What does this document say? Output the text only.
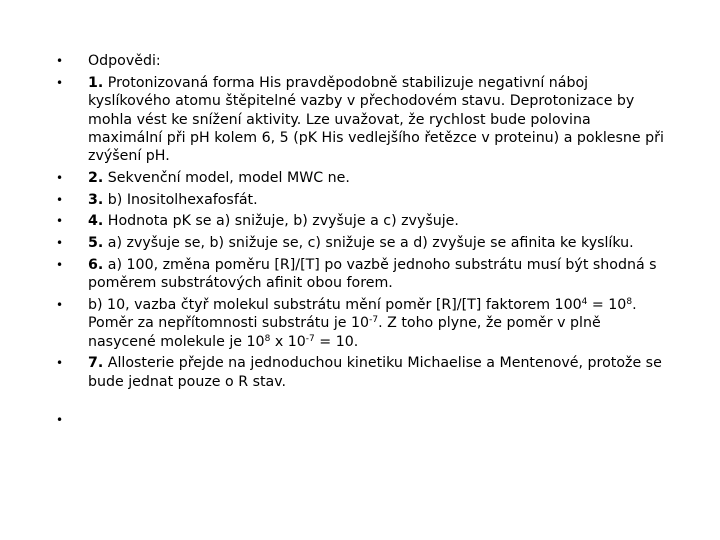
• Odpovědi:
• 1. Protonizovaná forma His pravděpodobně stabilizuje negativní náboj kyslíkového atomu štěpitelné vazby v přechodovém stavu. Deprotonizace by mohla vést ke snížení aktivity. Lze uvažovat, že rychlost bude polovina maximální při pH kolem 6, 5 (pK His vedlejšího řetězce v proteinu) a poklesne při zvýšení pH.
• 2. Sekvenční model, model MWC ne.
• 3. b) Inositolhexafosfát.
• 4. Hodnota pK se a) snižuje, b) zvyšuje a c) zvyšuje.
• 5. a) zvyšuje se, b) snižuje se, c) snižuje se a d) zvyšuje se afinita ke kyslíku.
• 6. a) 100, změna poměru [R]/[T] po vazbě jednoho substrátu musí být shodná s poměrem substrátových afinit obou forem.
• b) 10, vazba čtyř molekul substrátu mění poměr [R]/[T] faktorem $100^4 = 10^8$. Poměr za nepřítomnosti substrátu je $10^{-7}$. Z toho plyne, že poměr v plně nasycené molekule je $10^8$ x $10^{-7} = 10$.
• 7. Allosterie přejde na jednoduchou kinetiku Michaelise a Mentenové, protože se bude jednat pouze o R stav.
•
